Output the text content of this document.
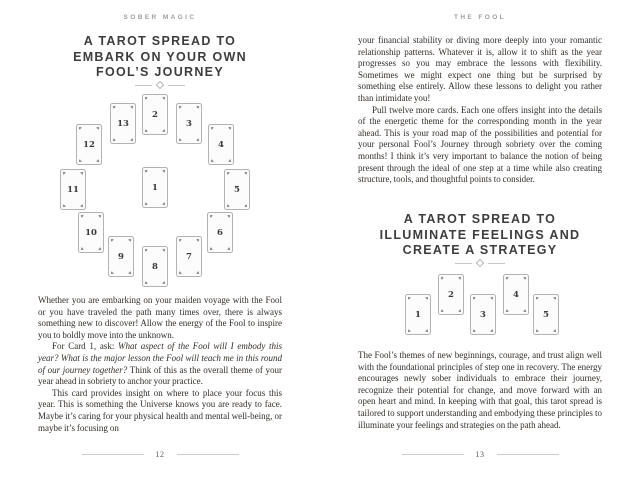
SOBER MAGIC
A TAROT SPREAD TO
EMBARK ON YOUR OWN
FOOL’S JOURNEY
1
2
3
4
5
6
7
8
9
10
11
12
13

Whether you are embarking on your maiden voyage with the Fool or you have traveled the path many times over, there is always something new to discover! Allow the energy of the Fool to inspire you to boldly move into the unknown.

For Card 1, ask: What aspect of the Fool will I embody this year? What is the major lesson the Fool will teach me in this round of our journey together? Think of this as the overall theme of your year ahead in sobriety to anchor your practice.

This card provides insight on where to place your focus this year. This is something the Universe knows you are ready to face. Maybe it’s caring for your physical health and mental well-being, or maybe it’s focusing on

12
THE FOOL

your financial stability or diving more deeply into your romantic relationship patterns. Whatever it is, allow it to shift as the year progresses so you may embrace the lessons with flexibility. Sometimes we might expect one thing but be surprised by something else entirely. Allow these lessons to delight you rather than intimidate you!

Pull twelve more cards. Each one offers insight into the details of the energetic theme for the corresponding month in the year ahead. This is your road map of the possibilities and potential for your personal Fool’s Journey through sobriety over the coming months! I think it’s very important to balance the notion of being present through the ideal of one step at a time while also creating structure, tools, and thoughtful points to consider.

A TAROT SPREAD TO
ILLUMINATE FEELINGS AND
CREATE A STRATEGY
1
2
3
4
5

The Fool’s themes of new beginnings, courage, and trust align well with the foundational principles of step one in recovery. The energy encourages newly sober individuals to embrace their journey, recognize their potential for change, and move forward with an open heart and mind. In keeping with that goal, this tarot spread is tailored to support understanding and embodying these principles to illuminate your feelings and strategies on the path ahead.

13
